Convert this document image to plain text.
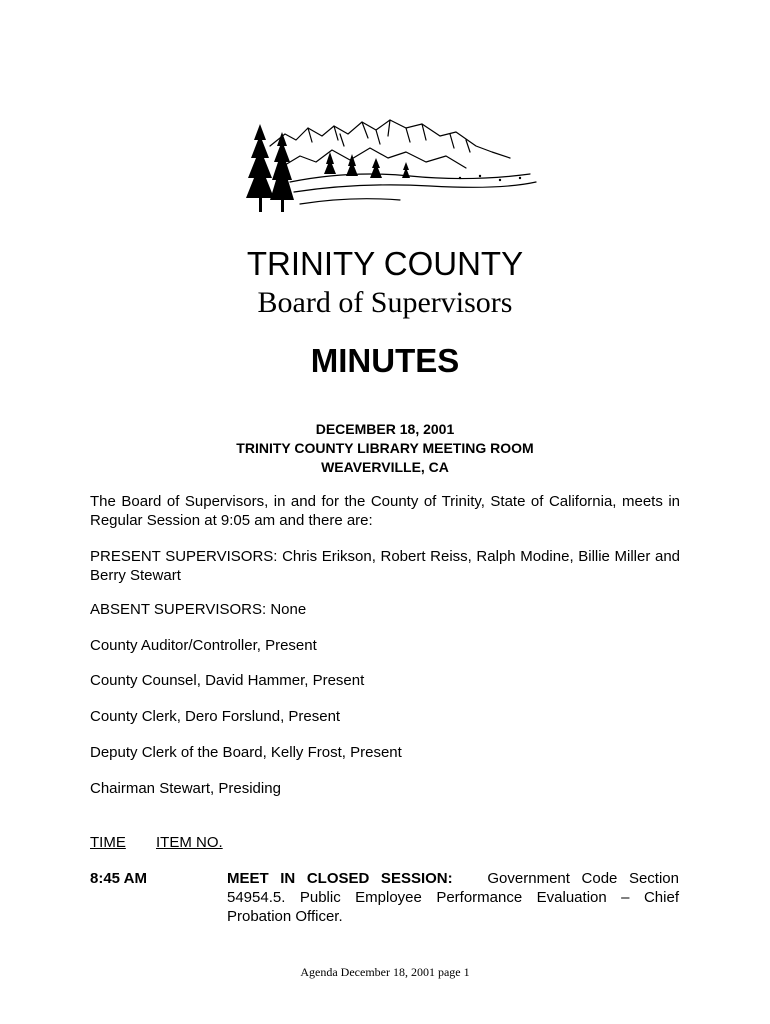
TRINITY COUNTY
Board of Supervisors
MINUTES
DECEMBER 18, 2001
TRINITY COUNTY LIBRARY MEETING ROOM
WEAVERVILLE, CA
The Board of Supervisors, in and for the County of Trinity, State of California, meets in Regular Session at 9:05 am and there are:
PRESENT SUPERVISORS: Chris Erikson, Robert Reiss, Ralph Modine, Billie Miller and Berry Stewart
ABSENT SUPERVISORS: None
County Auditor/Controller, Present
County Counsel, David Hammer, Present
County Clerk, Dero Forslund, Present
Deputy Clerk of the Board, Kelly Frost, Present
Chairman Stewart, Presiding
TIME ITEM NO.
8:45 AM	MEET IN CLOSED SESSION: Government Code Section 54954.5. Public Employee Performance Evaluation – Chief Probation Officer.
Agenda December 18, 2001 page 1
